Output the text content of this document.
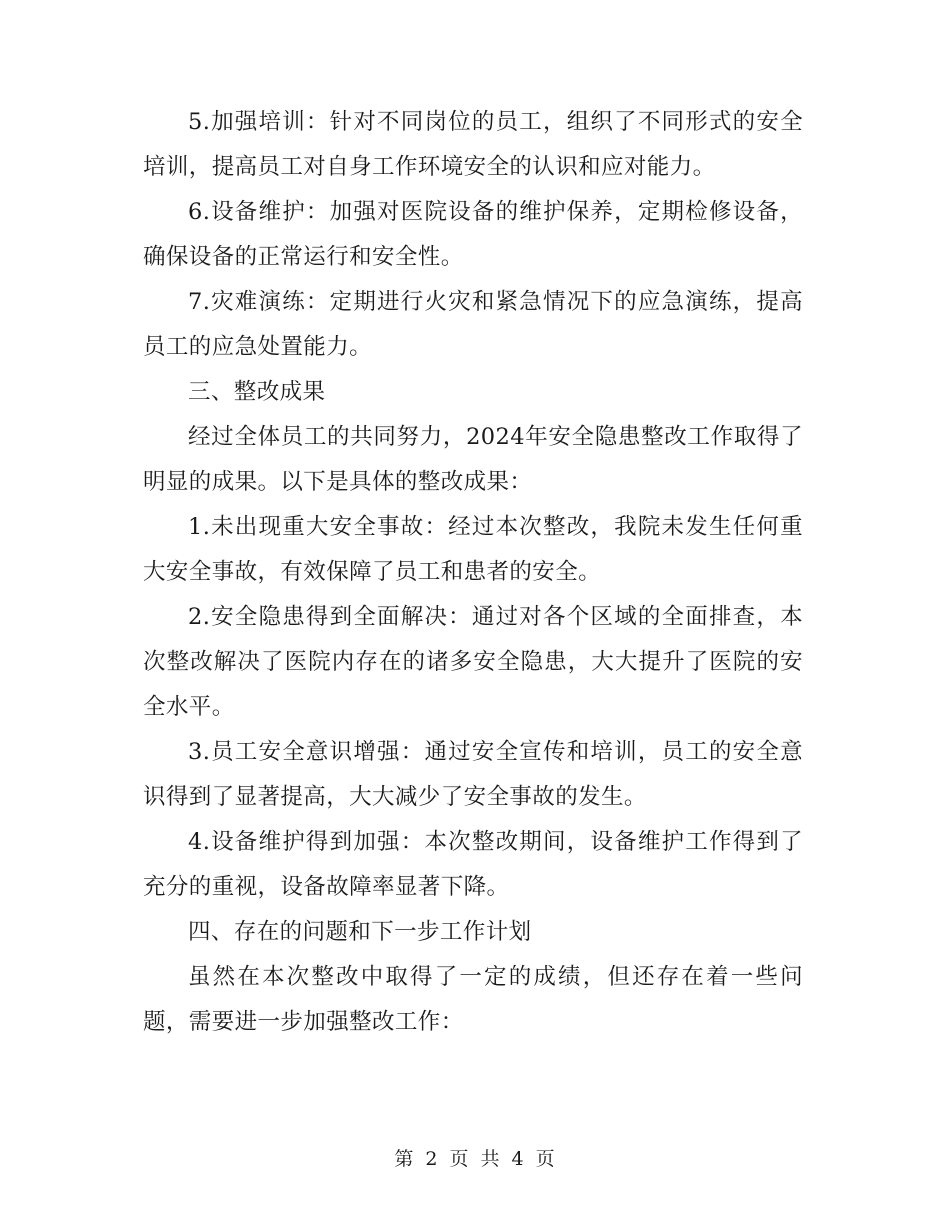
5.加强培训：针对不同岗位的员工，组织了不同形式的安全培训，提高员工对自身工作环境安全的认识和应对能力。

6.设备维护：加强对医院设备的维护保养，定期检修设备，确保设备的正常运行和安全性。

7.灾难演练：定期进行火灾和紧急情况下的应急演练，提高员工的应急处置能力。

三、整改成果

经过全体员工的共同努力，2024年安全隐患整改工作取得了明显的成果。以下是具体的整改成果：

1.未出现重大安全事故：经过本次整改，我院未发生任何重大安全事故，有效保障了员工和患者的安全。

2.安全隐患得到全面解决：通过对各个区域的全面排查，本次整改解决了医院内存在的诸多安全隐患，大大提升了医院的安全水平。

3.员工安全意识增强：通过安全宣传和培训，员工的安全意识得到了显著提高，大大减少了安全事故的发生。

4.设备维护得到加强：本次整改期间，设备维护工作得到了充分的重视，设备故障率显著下降。

四、存在的问题和下一步工作计划

虽然在本次整改中取得了一定的成绩，但还存在着一些问题，需要进一步加强整改工作：

第 2 页 共 4 页
